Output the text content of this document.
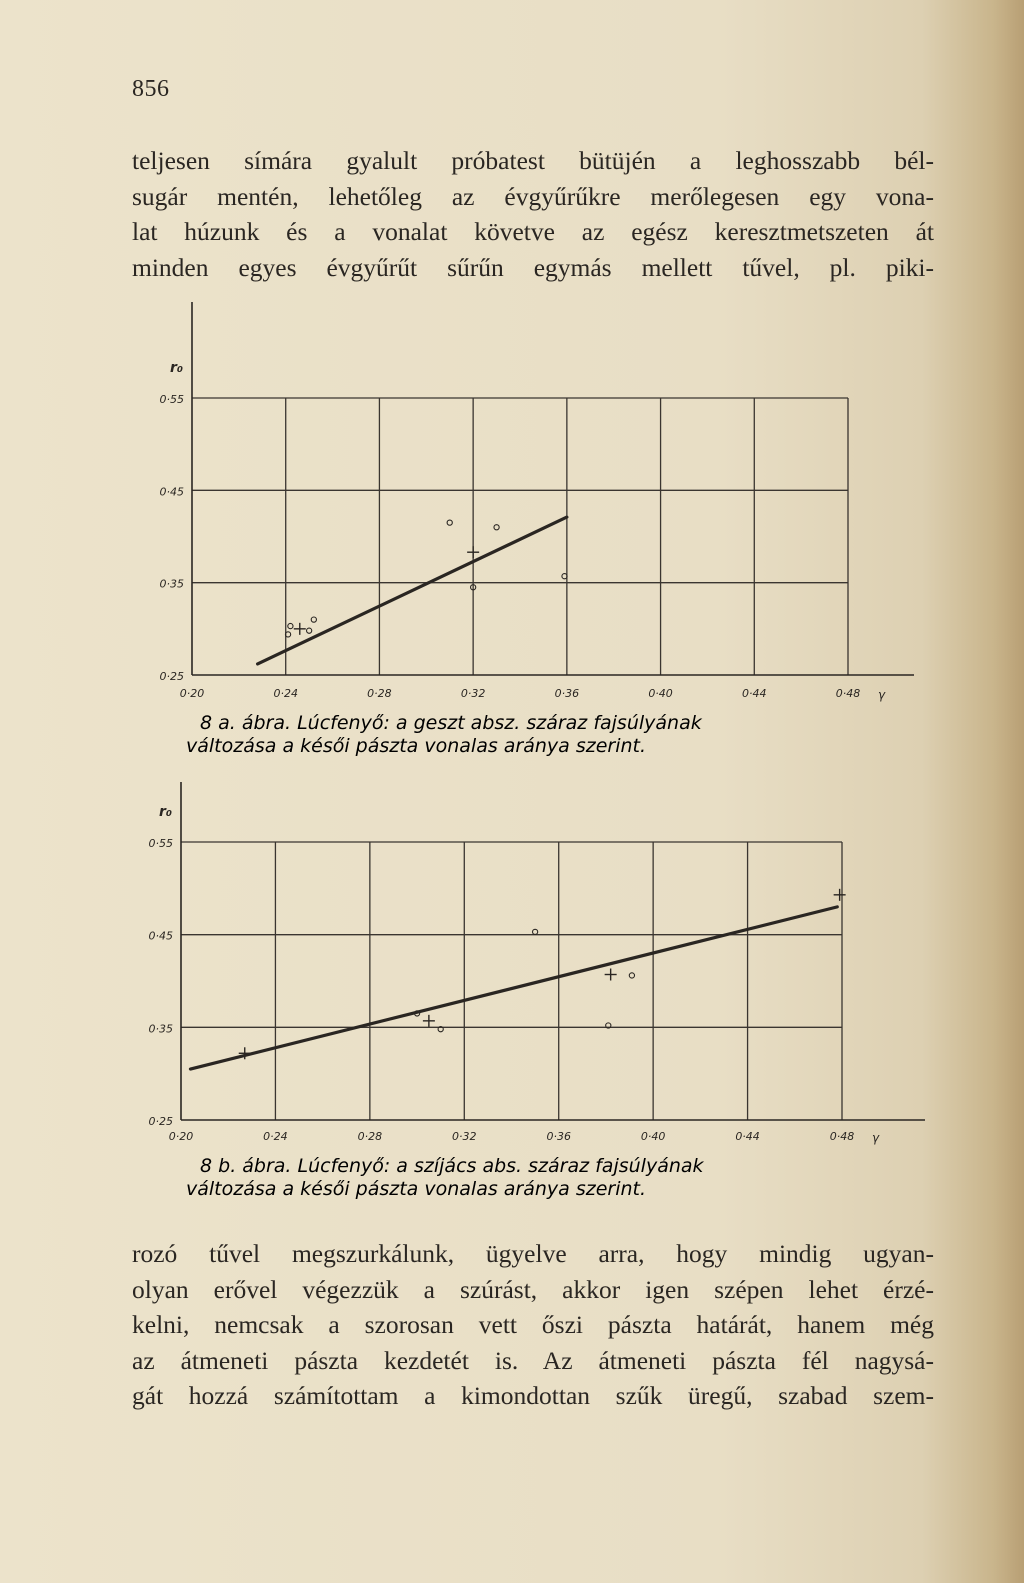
856
teljesen símára gyalult próbatest bütüjén a leghosszabb bél-
sugár mentén, lehetőleg az évgyűrűkre merőlegesen egy vona-
lat húzunk és a vonalat követve az egész keresztmetszeten át
minden egyes évgyűrűt sűrűn egymás mellett tűvel, pl. piki-
0·25
0·35
0·45
0·55
0·20	0·24	0·28	0·32	0·36	0·40	0·44	0·48
r₀
γ
0·25
0·35
0·45
0·55
0·20	0·24	0·28	0·32	0·36	0·40	0·44	0·48
r₀
γ
8 a. ábra. Lúcfenyő: a geszt absz. száraz fajsúlyának
változása a késői pászta vonalas aránya szerint.
8 b. ábra. Lúcfenyő: a szíjács abs. száraz fajsúlyának
változása a késői pászta vonalas aránya szerint.
rozó tűvel megszurkálunk, ügyelve arra, hogy mindig ugyan-
olyan erővel végezzük a szúrást, akkor igen szépen lehet érzé-
kelni, nemcsak a szorosan vett őszi pászta határát, hanem még
az átmeneti pászta kezdetét is. Az átmeneti pászta fél nagysá-
gát hozzá számítottam a kimondottan szűk üregű, szabad szem-
